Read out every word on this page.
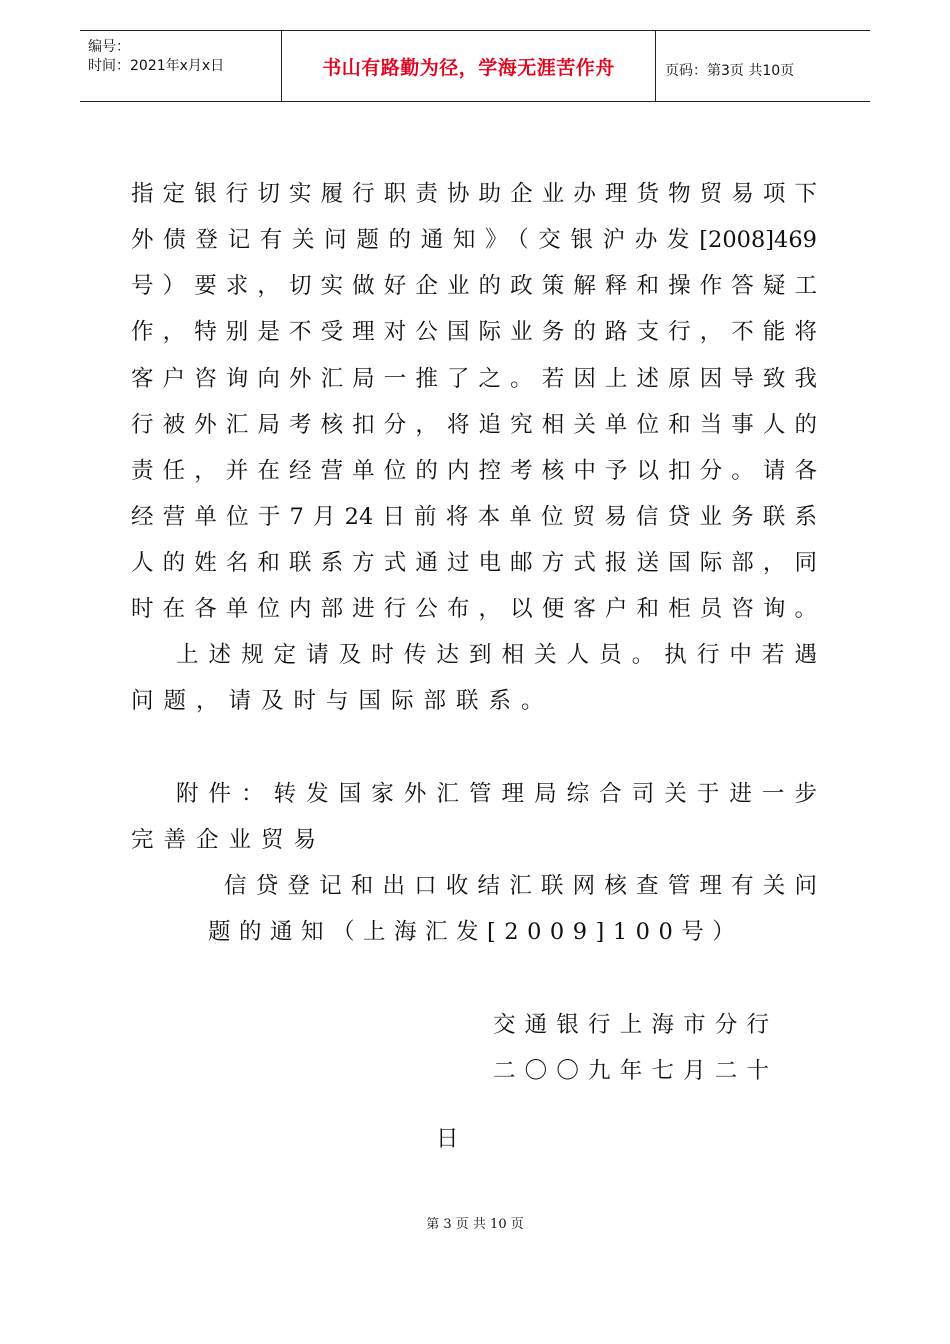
编号：
时间：2021年x月x日	书山有路勤为径，学海无涯苦作舟	页码：第3页 共10页
指定银行切实履行职责协助企业办理货物贸易项下
外债登记有关问题的通知》（交银沪办发[2008]469
号）要求，切实做好企业的政策解释和操作答疑工
作，特别是不受理对公国际业务的路支行，不能将
客户咨询向外汇局一推了之。若因上述原因导致我
行被外汇局考核扣分，将追究相关单位和当事人的
责任，并在经营单位的内控考核中予以扣分。请各
经营单位于7月24日前将本单位贸易信贷业务联系
人的姓名和联系方式通过电邮方式报送国际部，同
时在各单位内部进行公布，以便客户和柜员咨询。
上述规定请及时传达到相关人员。执行中若遇
问题，请及时与国际部联系。
附件：转发国家外汇管理局综合司关于进一步
完善企业贸易
信贷登记和出口收结汇联网核查管理有关问
题的通知（上海汇发[2009]100号）
交通银行上海市分行
二〇〇九年七月二十
日
第 3 页 共 10 页
